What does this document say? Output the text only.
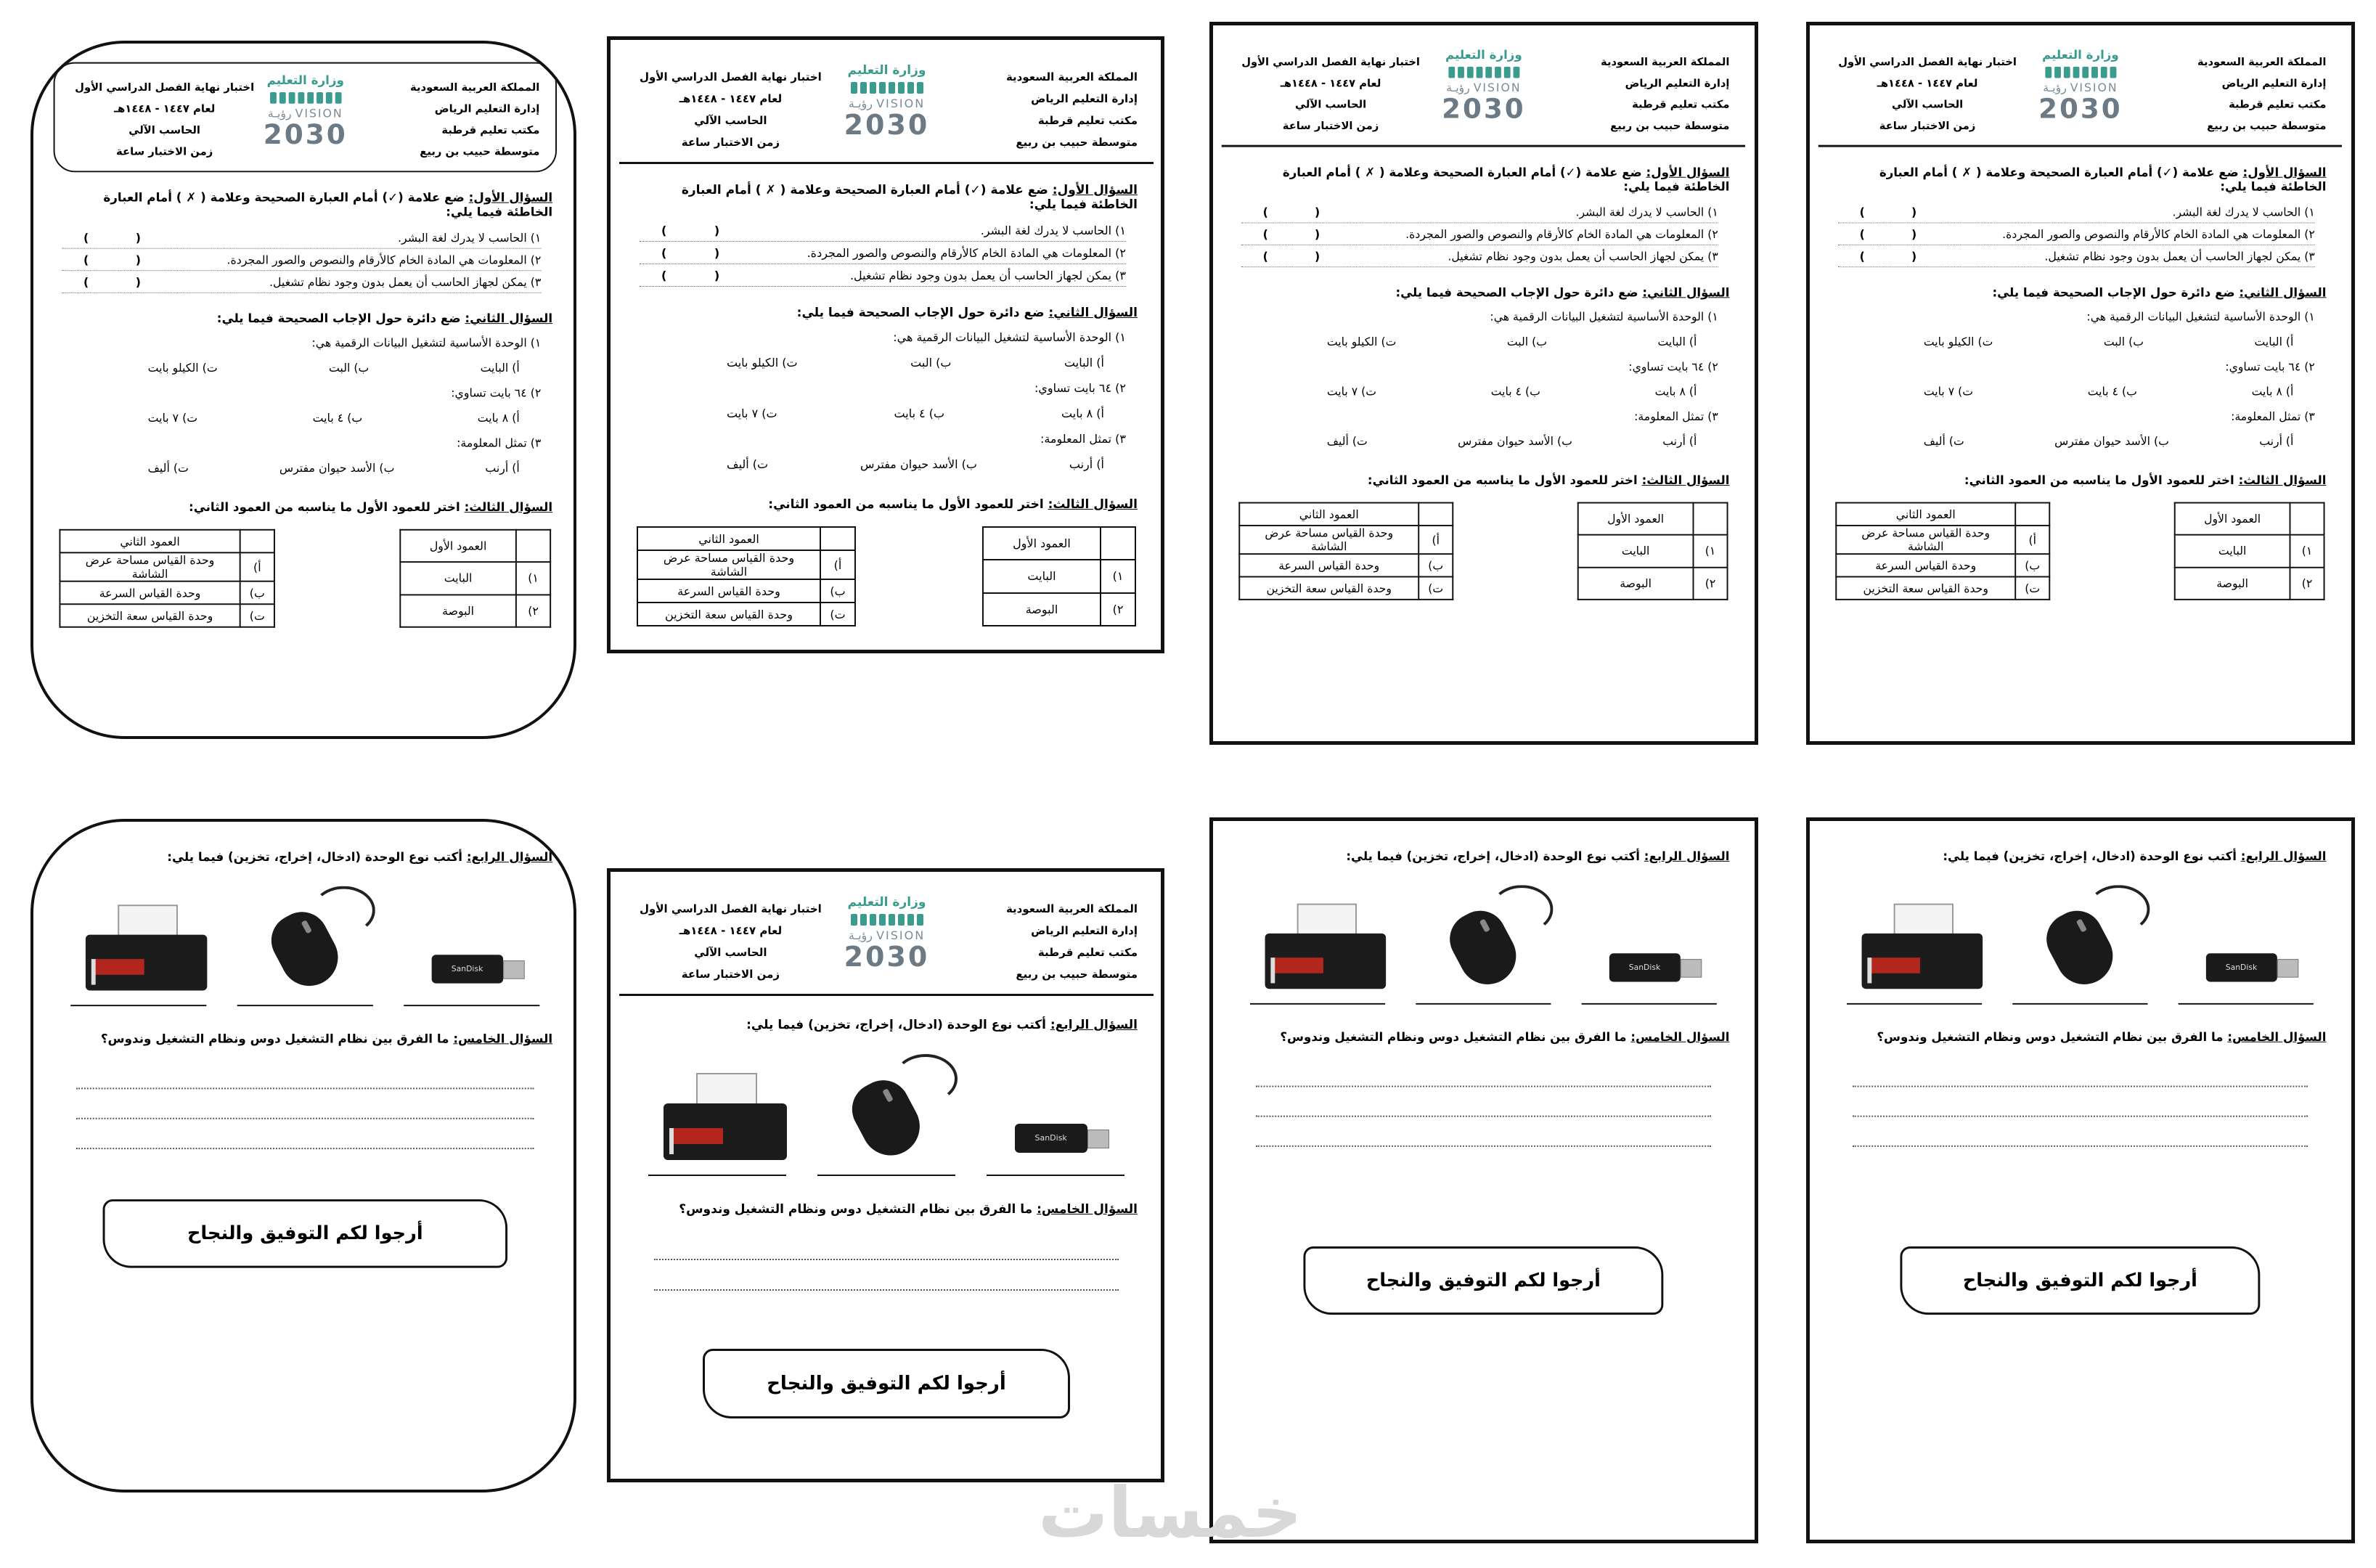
المملكة العربية السعودية
إدارة التعليم الرياض
مكتب تعليم قرطبة
متوسطة حبيب بن ربيع
وزارة التعليم
رؤيـة VISION
2030
اختبار نهاية الفصل الدراسي الأول
لعام ١٤٤٧ - ١٤٤٨هـ
الحاسب الآلي
زمن الاختبار ساعة
السؤال الأول: ضع علامة (✓) أمام العبارة الصحيحة وعلامة ( ✗ ) أمام العبارة الخاطئة فيما يلي:
١) الحاسب لا يدرك لغة البشر.
( )
٢) المعلومات هي المادة الخام كالأرقام والنصوص والصور المجردة.
( )
٣) يمكن لجهاز الحاسب أن يعمل بدون وجود نظام تشغيل.
( )
السؤال الثاني: ضع دائرة حول الإجاب الصحيحة فيما يلي:
١) الوحدة الأساسية لتشغيل البيانات الرقمية هي:
أ) البايت
ب) البت
ت) الكيلو بايت
٢) ٦٤ بايت تساوي:
أ) ٨ بايت
ب) ٤ بايت
ت) ٧ بايت
٣) تمثل المعلومة:
أ) أرنب
ب) الأسد حيوان مفترس
ت) أليف
السؤال الثالث: اختر للعمود الأول ما يناسبه من العمود الثاني:
	العمود الأول
١)	البايت
٢)	البوصة
	العمود الثاني
أ)	وحدة القياس مساحة عرض الشاشة
ب)	وحدة القياس السرعة
ت)	وحدة القياس سعة التخزين
المملكة العربية السعودية
إدارة التعليم الرياض
مكتب تعليم قرطبة
متوسطة حبيب بن ربيع
وزارة التعليم
رؤيـة VISION
2030
اختبار نهاية الفصل الدراسي الأول
لعام ١٤٤٧ - ١٤٤٨هـ
الحاسب الآلي
زمن الاختبار ساعة
السؤال الأول: ضع علامة (✓) أمام العبارة الصحيحة وعلامة ( ✗ ) أمام العبارة الخاطئة فيما يلي:
١) الحاسب لا يدرك لغة البشر.
( )
٢) المعلومات هي المادة الخام كالأرقام والنصوص والصور المجردة.
( )
٣) يمكن لجهاز الحاسب أن يعمل بدون وجود نظام تشغيل.
( )
السؤال الثاني: ضع دائرة حول الإجاب الصحيحة فيما يلي:
١) الوحدة الأساسية لتشغيل البيانات الرقمية هي:
أ) البايت
ب) البت
ت) الكيلو بايت
٢) ٦٤ بايت تساوي:
أ) ٨ بايت
ب) ٤ بايت
ت) ٧ بايت
٣) تمثل المعلومة:
أ) أرنب
ب) الأسد حيوان مفترس
ت) أليف
السؤال الثالث: اختر للعمود الأول ما يناسبه من العمود الثاني:
	العمود الأول
١)	البايت
٢)	البوصة
	العمود الثاني
أ)	وحدة القياس مساحة عرض الشاشة
ب)	وحدة القياس السرعة
ت)	وحدة القياس سعة التخزين
المملكة العربية السعودية
إدارة التعليم الرياض
مكتب تعليم قرطبة
متوسطة حبيب بن ربيع
وزارة التعليم
رؤيـة VISION
2030
اختبار نهاية الفصل الدراسي الأول
لعام ١٤٤٧ - ١٤٤٨هـ
الحاسب الآلي
زمن الاختبار ساعة
السؤال الأول: ضع علامة (✓) أمام العبارة الصحيحة وعلامة ( ✗ ) أمام العبارة الخاطئة فيما يلي:
١) الحاسب لا يدرك لغة البشر.
( )
٢) المعلومات هي المادة الخام كالأرقام والنصوص والصور المجردة.
( )
٣) يمكن لجهاز الحاسب أن يعمل بدون وجود نظام تشغيل.
( )
السؤال الثاني: ضع دائرة حول الإجاب الصحيحة فيما يلي:
١) الوحدة الأساسية لتشغيل البيانات الرقمية هي:
أ) البايت
ب) البت
ت) الكيلو بايت
٢) ٦٤ بايت تساوي:
أ) ٨ بايت
ب) ٤ بايت
ت) ٧ بايت
٣) تمثل المعلومة:
أ) أرنب
ب) الأسد حيوان مفترس
ت) أليف
السؤال الثالث: اختر للعمود الأول ما يناسبه من العمود الثاني:
	العمود الأول
١)	البايت
٢)	البوصة
	العمود الثاني
أ)	وحدة القياس مساحة عرض الشاشة
ب)	وحدة القياس السرعة
ت)	وحدة القياس سعة التخزين
المملكة العربية السعودية
إدارة التعليم الرياض
مكتب تعليم قرطبة
متوسطة حبيب بن ربيع
وزارة التعليم
رؤيـة VISION
2030
اختبار نهاية الفصل الدراسي الأول
لعام ١٤٤٧ - ١٤٤٨هـ
الحاسب الآلي
زمن الاختبار ساعة
السؤال الأول: ضع علامة (✓) أمام العبارة الصحيحة وعلامة ( ✗ ) أمام العبارة الخاطئة فيما يلي:
١) الحاسب لا يدرك لغة البشر.
( )
٢) المعلومات هي المادة الخام كالأرقام والنصوص والصور المجردة.
( )
٣) يمكن لجهاز الحاسب أن يعمل بدون وجود نظام تشغيل.
( )
السؤال الثاني: ضع دائرة حول الإجاب الصحيحة فيما يلي:
١) الوحدة الأساسية لتشغيل البيانات الرقمية هي:
أ) البايت
ب) البت
ت) الكيلو بايت
٢) ٦٤ بايت تساوي:
أ) ٨ بايت
ب) ٤ بايت
ت) ٧ بايت
٣) تمثل المعلومة:
أ) أرنب
ب) الأسد حيوان مفترس
ت) أليف
السؤال الثالث: اختر للعمود الأول ما يناسبه من العمود الثاني:
	العمود الأول
١)	البايت
٢)	البوصة
	العمود الثاني
أ)	وحدة القياس مساحة عرض الشاشة
ب)	وحدة القياس السرعة
ت)	وحدة القياس سعة التخزين
السؤال الرابع: أكتب نوع الوحدة (ادخال، إخراج، تخزين) فيما يلي:
SanDisk
السؤال الخامس: ما الفرق بين نظام التشغيل دوس ونظام التشغيل وندوس؟
أرجوا لكم التوفيق والنجاح
المملكة العربية السعودية
إدارة التعليم الرياض
مكتب تعليم قرطبة
متوسطة حبيب بن ربيع
وزارة التعليم
رؤيـة VISION
2030
اختبار نهاية الفصل الدراسي الأول
لعام ١٤٤٧ - ١٤٤٨هـ
الحاسب الآلي
زمن الاختبار ساعة
السؤال الرابع: أكتب نوع الوحدة (ادخال، إخراج، تخزين) فيما يلي:
SanDisk
السؤال الخامس: ما الفرق بين نظام التشغيل دوس ونظام التشغيل وندوس؟
أرجوا لكم التوفيق والنجاح
السؤال الرابع: أكتب نوع الوحدة (ادخال، إخراج، تخزين) فيما يلي:
SanDisk
السؤال الخامس: ما الفرق بين نظام التشغيل دوس ونظام التشغيل وندوس؟
أرجوا لكم التوفيق والنجاح
السؤال الرابع: أكتب نوع الوحدة (ادخال، إخراج، تخزين) فيما يلي:
SanDisk
السؤال الخامس: ما الفرق بين نظام التشغيل دوس ونظام التشغيل وندوس؟
أرجوا لكم التوفيق والنجاح
خمسات
